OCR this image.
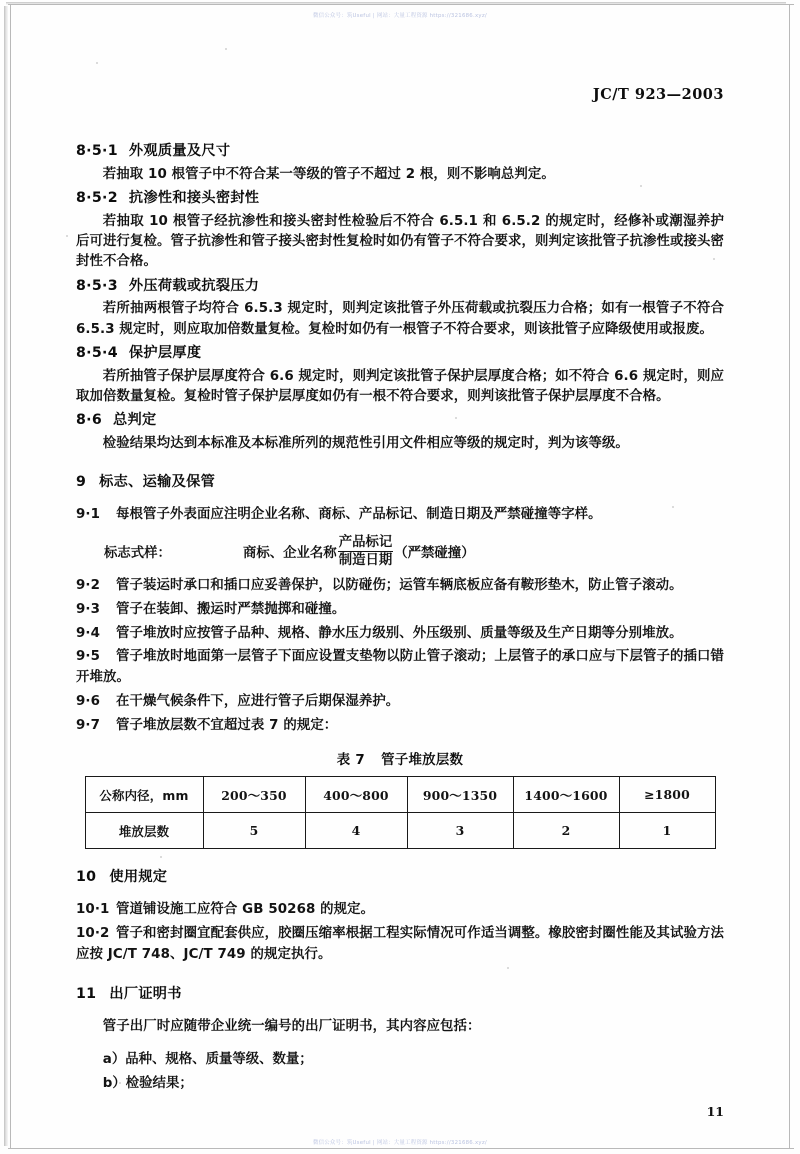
微信公众号：筑Useful | 网站：大量工程资源 https://321686.xyz/
微信公众号：筑Useful | 网站：大量工程资源 https://321686.xyz/
JC/T 923—2003
8·5·1 外观质量及尺寸

若抽取 10 根管子中不符合某一等级的管子不超过 2 根，则不影响总判定。

8·5·2 抗渗性和接头密封性

若抽取 10 根管子经抗渗性和接头密封性检验后不符合 6.5.1 和 6.5.2 的规定时，经修补或潮湿养护后可进行复检。管子抗渗性和管子接头密封性复检时如仍有管子不符合要求，则判定该批管子抗渗性或接头密封性不合格。

8·5·3 外压荷载或抗裂压力

若所抽两根管子均符合 6.5.3 规定时，则判定该批管子外压荷载或抗裂压力合格；如有一根管子不符合 6.5.3 规定时，则应取加倍数量复检。复检时如仍有一根管子不符合要求，则该批管子应降级使用或报废。

8·5·4 保护层厚度

若所抽管子保护层厚度符合 6.6 规定时，则判定该批管子保护层厚度合格；如不符合 6.6 规定时，则应取加倍数量复检。复检时管子保护层厚度如仍有一根不符合要求，则判该批管子保护层厚度不合格。

8·6 总判定

检验结果均达到本标准及本标准所列的规范性引用文件相应等级的规定时，判为该等级。

9 标志、运输及保管

9·1 每根管子外表面应注明企业名称、商标、产品标记、制造日期及严禁碰撞等字样。

标志式样：	商标、企业名称 $\frac{\text{产品标记}}{\text{制造日期}}$ （严禁碰撞）

9·2 管子装运时承口和插口应妥善保护，以防碰伤；运管车辆底板应备有鞍形垫木，防止管子滚动。

9·3 管子在装卸、搬运时严禁抛掷和碰撞。

9·4 管子堆放时应按管子品种、规格、静水压力级别、外压级别、质量等级及生产日期等分别堆放。

9·5 管子堆放时地面第一层管子下面应设置支垫物以防止管子滚动；上层管子的承口应与下层管子的插口错开堆放。

9·6 在干燥气候条件下，应进行管子后期保湿养护。

9·7 管子堆放层数不宜超过表 7 的规定：

表 7 管子堆放层数
公称内径，mm	200～350	400～800	900～1350	1400～1600	≥1800
堆放层数	5	4	3	2	1
10 使用规定

10·1 管道铺设施工应符合 GB 50268 的规定。

10·2 管子和密封圈宜配套供应，胶圈压缩率根据工程实际情况可作适当调整。橡胶密封圈性能及其试验方法应按 JC/T 748、JC/T 749 的规定执行。

11 出厂证明书

管子出厂时应随带企业统一编号的出厂证明书，其内容应包括：

a）品种、规格、质量等级、数量；

b）检验结果；

11
